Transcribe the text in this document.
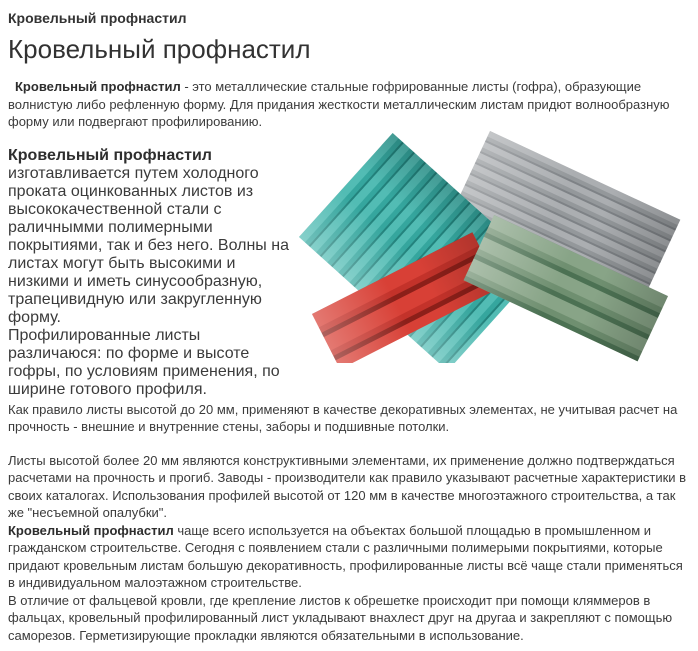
Кровельный профнастил
Кровельный профнастил

Кровельный профнастил - это металлические стальные гофрированные листы (гофра), образующие волнистую либо рефленную форму. Для придания жесткости металлическим листам придют волнообразную форму или подвергают профилированию.

Кровельный профнастил
изготавливается путем холодного проката оцинкованных листов из высококачественной стали с раличнымми полимерными покрытиями, так и без него. Волны на листах могут быть высокими и низкими и иметь синусообразную, трапецивидную или закругленную форму.
Профилированные листы различаюся: по форме и высоте гофры, по условиям применения, по ширине готового профиля.

Как правило листы высотой до 20 мм, применяют в качестве декоративных элементах, не учитывая расчет на прочность - внешние и внутренние стены, заборы и подшивные потолки.

Листы высотой более 20 мм являются конструктивными элементами, их применение должно подтверждаться расчетами на прочность и прогиб. Заводы - производители как правило указывают расчетные характеристики в своих каталогах. Использования профилей высотой от 120 мм в качестве многоэтажного строительства, а так же "несъемной опалубки".
Кровельный профнастил чаще всего используется на объектах большой площадью в промышленном и гражданском строительстве. Сегодня с появлением стали с различными полимерыми покрытиями, которые придают кровельным листам большую декоративность, профилированные листы всё чаще стали применяться в индивидуальном малоэтажном строительстве.
В отличие от фальцевой кровли, где крепление листов к обрешетке происходит при помощи кляммеров в фальцах, кровельный профилированный лист укладывают внахлест друг на другаа и закрепляют с помощью саморезов. Герметизирующие прокладки являются обязательными в использование.
